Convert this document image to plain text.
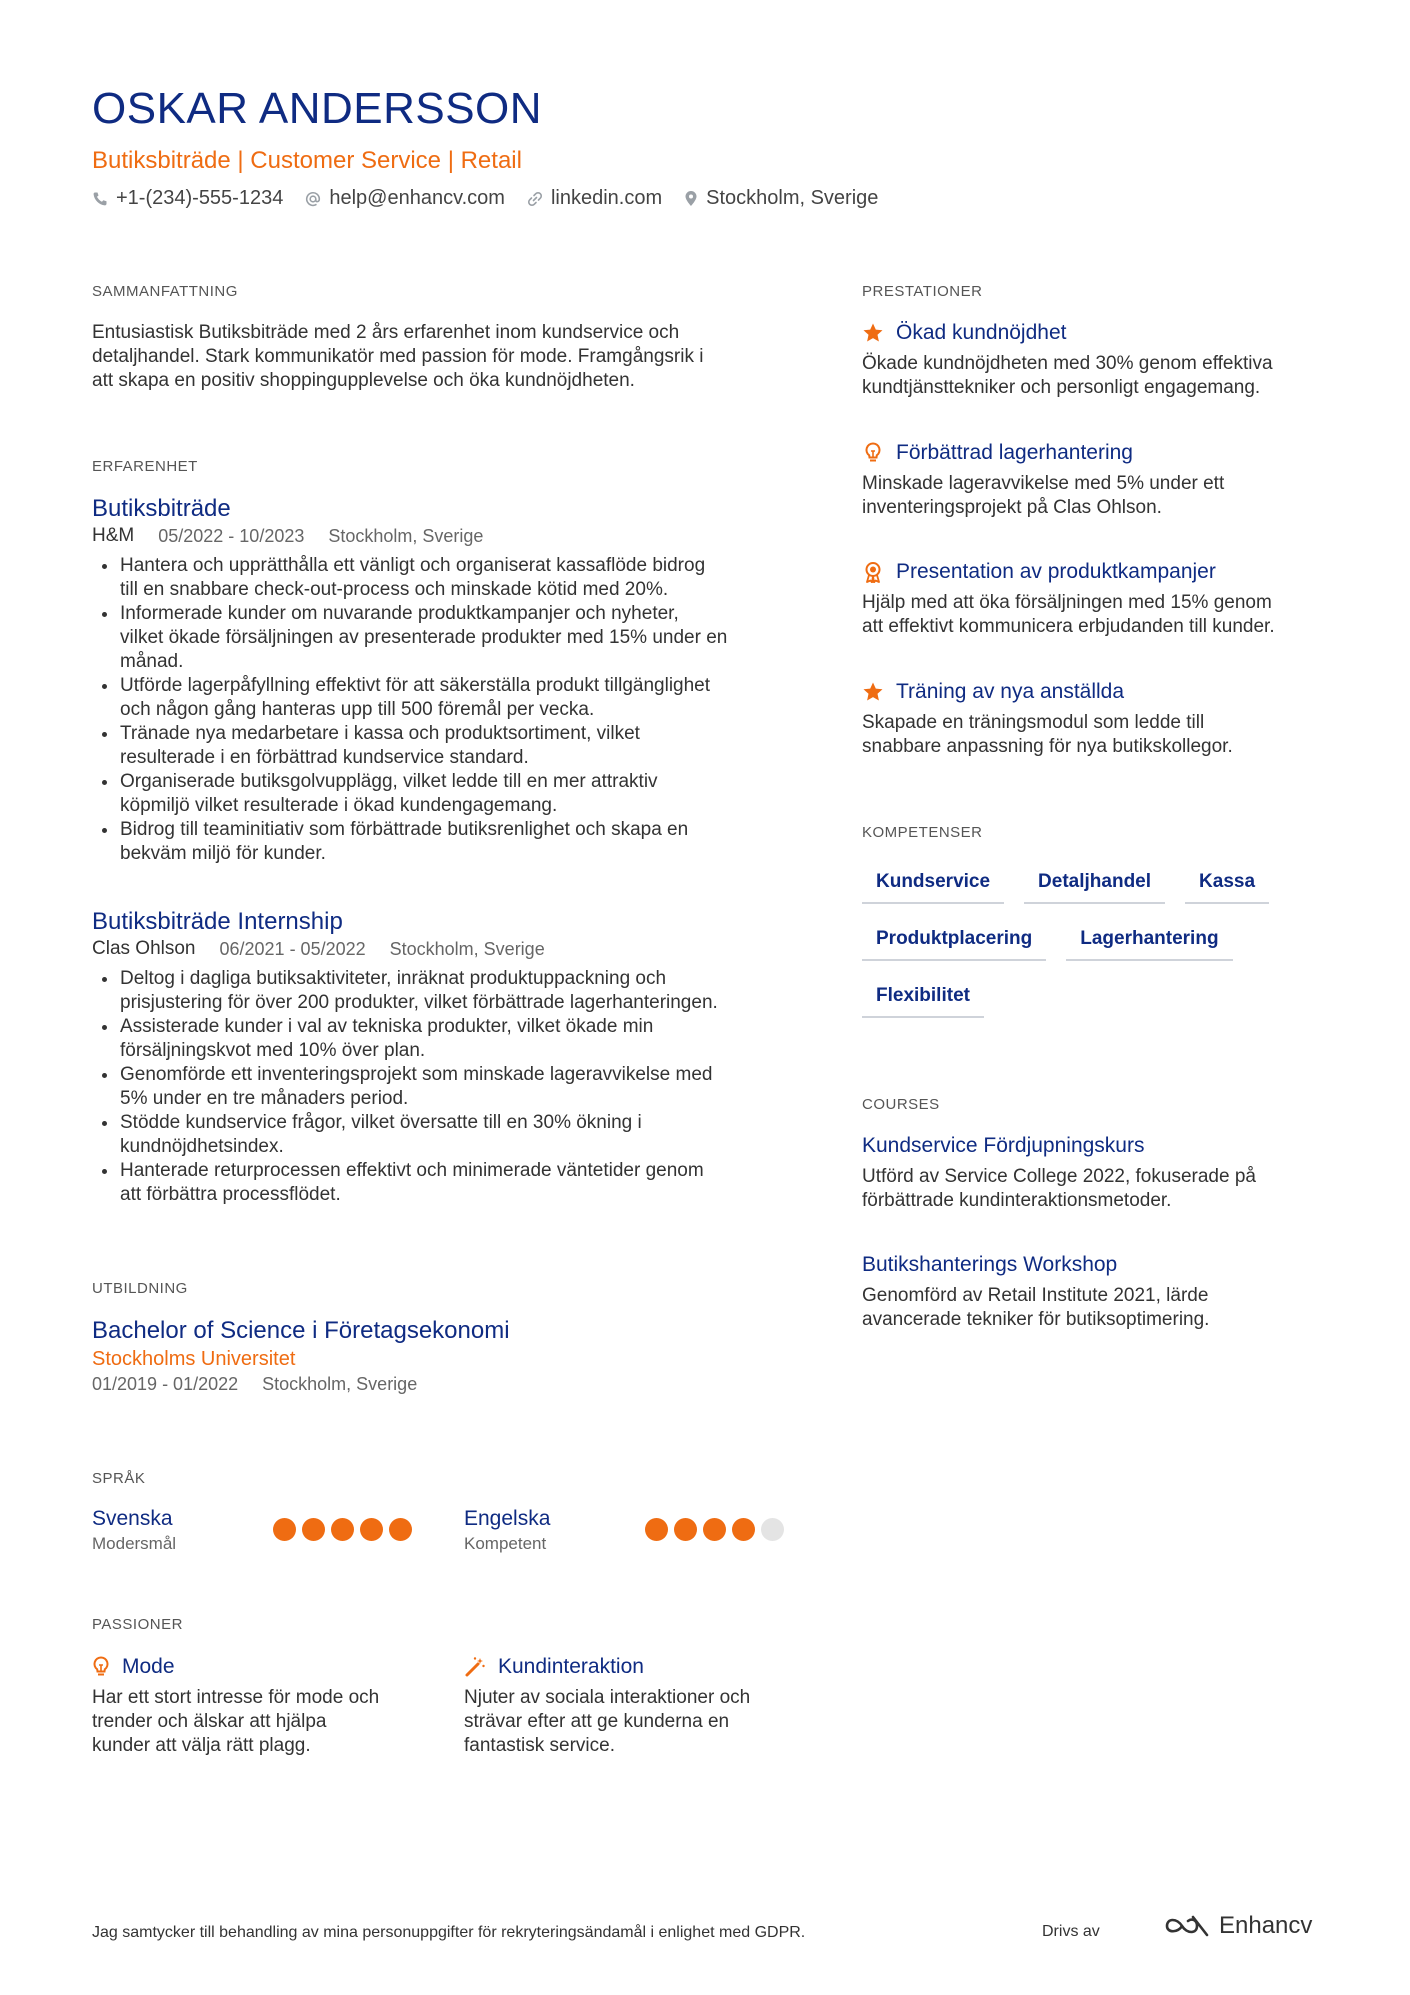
OSKAR ANDERSSON
Butiksbiträde | Customer Service | Retail
+1-(234)-555-1234 help@enhancv.com linkedin.com Stockholm, Sverige
SAMMANFATTNING
Entusiastisk Butiksbiträde med 2 års erfarenhet inom kundservice och
detaljhandel. Stark kommunikatör med passion för mode. Framgångsrik i
att skapa en positiv shoppingupplevelse och öka kundnöjdheten.
ERFARENHET
Butiksbiträde
H&M 05/2022 - 10/2023 Stockholm, Sverige
Hantera och upprätthålla ett vänligt och organiserat kassaflöde bidrog
till en snabbare check-out-process och minskade kötid med 20%.
Informerade kunder om nuvarande produktkampanjer och nyheter,
vilket ökade försäljningen av presenterade produkter med 15% under en
månad.
Utförde lagerpåfyllning effektivt för att säkerställa produkt tillgänglighet
och någon gång hanteras upp till 500 föremål per vecka.
Tränade nya medarbetare i kassa och produktsortiment, vilket
resulterade i en förbättrad kundservice standard.
Organiserade butiksgolvupplägg, vilket ledde till en mer attraktiv
köpmiljö vilket resulterade i ökad kundengagemang.
Bidrog till teaminitiativ som förbättrade butiksrenlighet och skapa en
bekväm miljö för kunder.
Butiksbiträde Internship
Clas Ohlson 06/2021 - 05/2022 Stockholm, Sverige
Deltog i dagliga butiksaktiviteter, inräknat produktuppackning och
prisjustering för över 200 produkter, vilket förbättrade lagerhanteringen.
Assisterade kunder i val av tekniska produkter, vilket ökade min
försäljningskvot med 10% över plan.
Genomförde ett inventeringsprojekt som minskade lageravvikelse med
5% under en tre månaders period.
Stödde kundservice frågor, vilket översatte till en 30% ökning i
kundnöjdhetsindex.
Hanterade returprocessen effektivt och minimerade väntetider genom
att förbättra processflödet.
UTBILDNING
Bachelor of Science i Företagsekonomi
Stockholms Universitet
01/2019 - 01/2022 Stockholm, Sverige
SPRÅK
Svenska
Modersmål
Engelska
Kompetent
PASSIONER
Mode
Har ett stort intresse för mode och
trender och älskar att hjälpa
kunder att välja rätt plagg.
Kundinteraktion
Njuter av sociala interaktioner och
strävar efter att ge kunderna en
fantastisk service.
PRESTATIONER
Ökad kundnöjdhet
Ökade kundnöjdheten med 30% genom effektiva
kundtjänsttekniker och personligt engagemang.
Förbättrad lagerhantering
Minskade lageravvikelse med 5% under ett
inventeringsprojekt på Clas Ohlson.
Presentation av produktkampanjer
Hjälp med att öka försäljningen med 15% genom
att effektivt kommunicera erbjudanden till kunder.
Träning av nya anställda
Skapade en träningsmodul som ledde till
snabbare anpassning för nya butikskollegor.
KOMPETENSER
Kundservice	Detaljhandel	Kassa
Produktplacering	Lagerhantering
Flexibilitet
COURSES
Kundservice Fördjupningskurs
Utförd av Service College 2022, fokuserade på
förbättrade kundinteraktionsmetoder.
Butikshanterings Workshop
Genomförd av Retail Institute 2021, lärde
avancerade tekniker för butiksoptimering.
Jag samtycker till behandling av mina personuppgifter för rekryteringsändamål i enlighet med GDPR.	Drivs av	Enhancv
